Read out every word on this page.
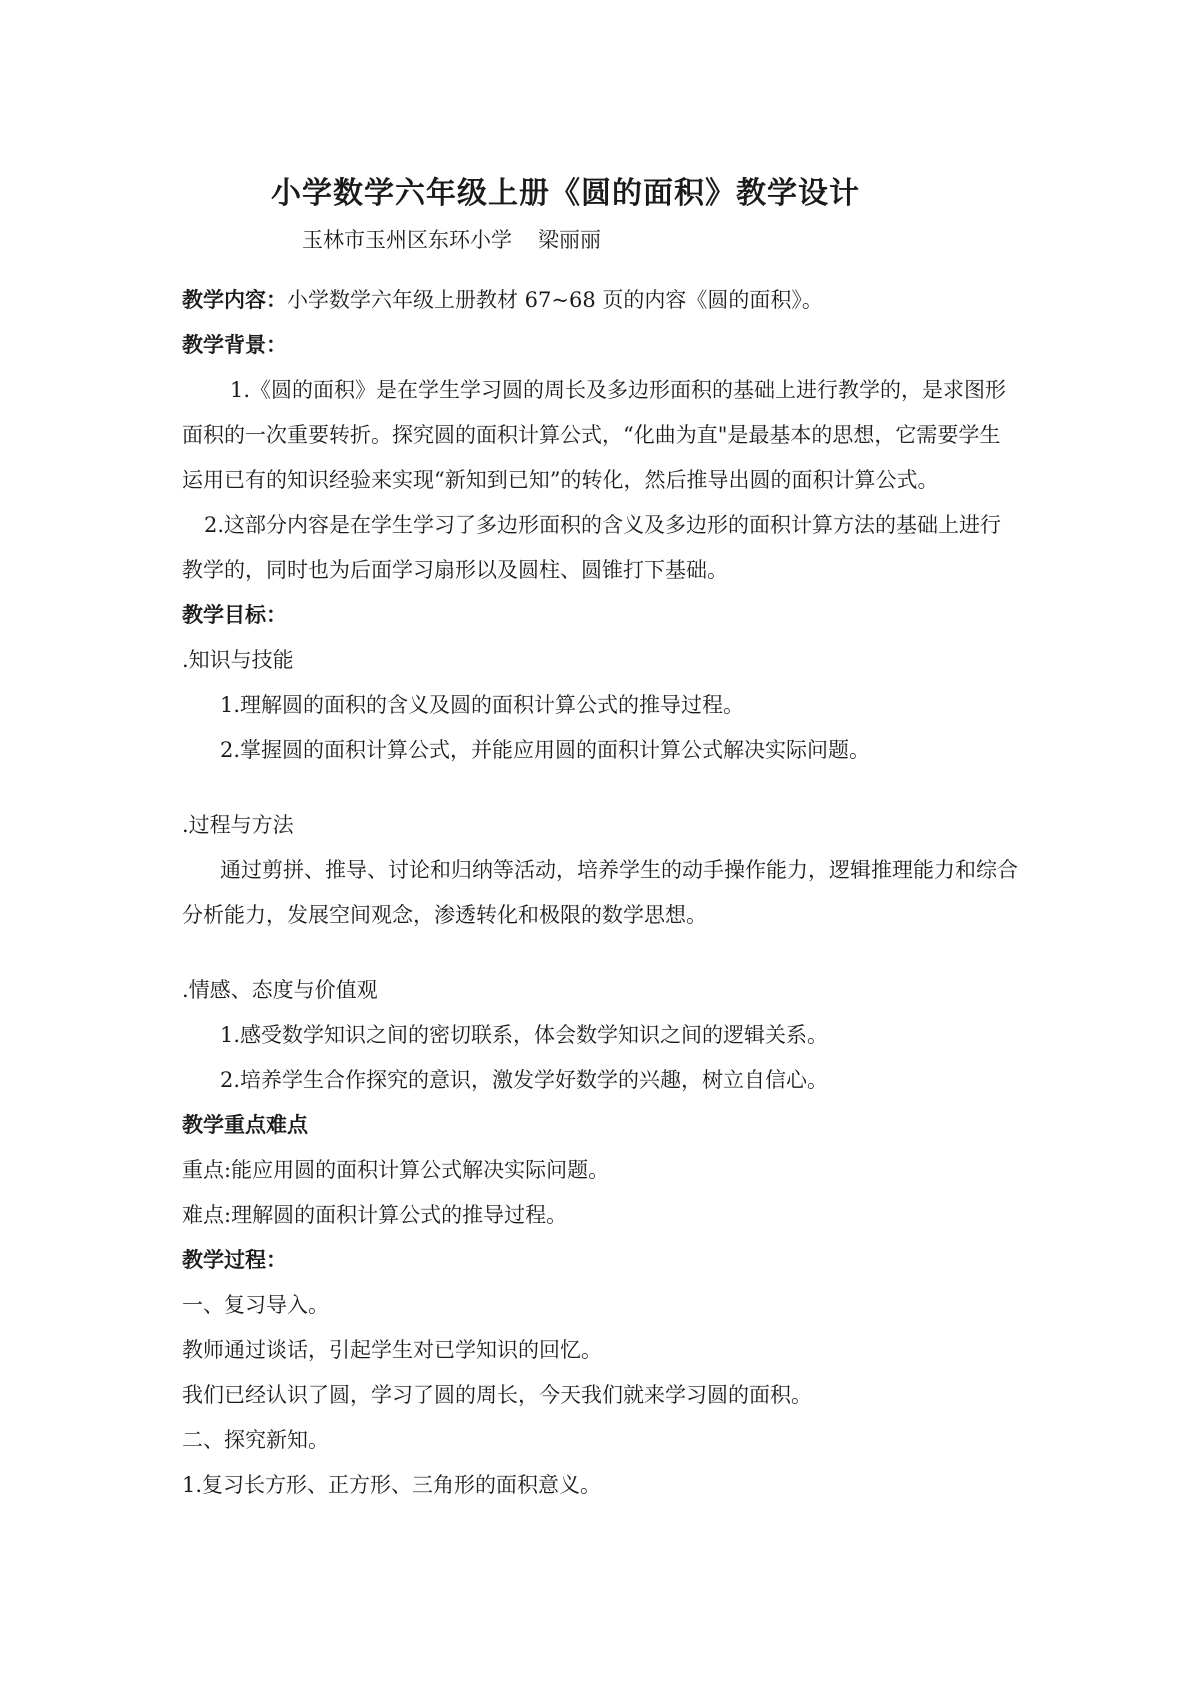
小学数学六年级上册《圆的面积》教学设计

玉林市玉州区东环小学 梁丽丽

教学内容：小学数学六年级上册教材 67~68 页的内容《圆的面积》。

教学背景：

1.《圆的面积》是在学生学习圆的周长及多边形面积的基础上进行教学的，是求图形面积的一次重要转折。探究圆的面积计算公式，“化曲为直"是最基本的思想，它需要学生运用已有的知识经验来实现“新知到已知”的转化，然后推导出圆的面积计算公式。

2.这部分内容是在学生学习了多边形面积的含义及多边形的面积计算方法的基础上进行教学的，同时也为后面学习扇形以及圆柱、圆锥打下基础。

教学目标：

.知识与技能

1.理解圆的面积的含义及圆的面积计算公式的推导过程。

2.掌握圆的面积计算公式，并能应用圆的面积计算公式解决实际问题。

.过程与方法

通过剪拼、推导、讨论和归纳等活动，培养学生的动手操作能力，逻辑推理能力和综合分析能力，发展空间观念，渗透转化和极限的数学思想。

.情感、态度与价值观

1.感受数学知识之间的密切联系，体会数学知识之间的逻辑关系。

2.培养学生合作探究的意识，激发学好数学的兴趣，树立自信心。

教学重点难点

重点:能应用圆的面积计算公式解决实际问题。

难点:理解圆的面积计算公式的推导过程。

教学过程：

一、复习导入。

教师通过谈话，引起学生对已学知识的回忆。

我们已经认识了圆，学习了圆的周长，今天我们就来学习圆的面积。

二、探究新知。

1.复习长方形、正方形、三角形的面积意义。
